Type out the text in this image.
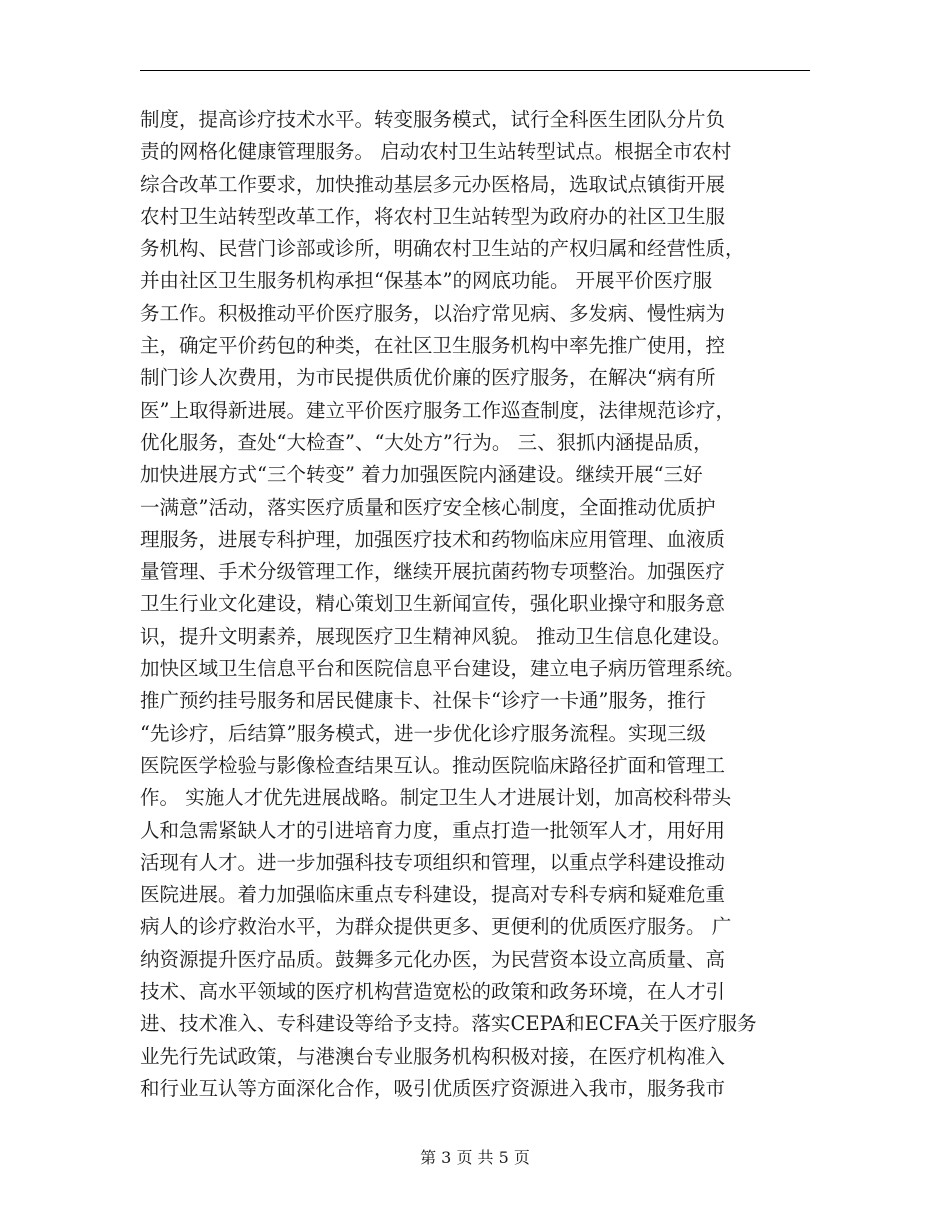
制度，提高诊疗技术水平。转变服务模式，试行全科医生团队分片负
责的网格化健康管理服务。 启动农村卫生站转型试点。根据全市农村
综合改革工作要求，加快推动基层多元办医格局，选取试点镇街开展
农村卫生站转型改革工作，将农村卫生站转型为政府办的社区卫生服
务机构、民营门诊部或诊所，明确农村卫生站的产权归属和经营性质，
并由社区卫生服务机构承担“保基本”的网底功能。 开展平价医疗服
务工作。积极推动平价医疗服务，以治疗常见病、多发病、慢性病为
主，确定平价药包的种类，在社区卫生服务机构中率先推广使用，控
制门诊人次费用，为市民提供质优价廉的医疗服务，在解决“病有所
医”上取得新进展。建立平价医疗服务工作巡查制度，法律规范诊疗，
优化服务，查处“大检查”、“大处方”行为。 三、狠抓内涵提品质，
加快进展方式“三个转变” 着力加强医院内涵建设。继续开展“三好
一满意”活动，落实医疗质量和医疗安全核心制度，全面推动优质护
理服务，进展专科护理，加强医疗技术和药物临床应用管理、血液质
量管理、手术分级管理工作，继续开展抗菌药物专项整治。加强医疗
卫生行业文化建设，精心策划卫生新闻宣传，强化职业操守和服务意
识，提升文明素养，展现医疗卫生精神风貌。 推动卫生信息化建设。
加快区域卫生信息平台和医院信息平台建设，建立电子病历管理系统。
推广预约挂号服务和居民健康卡、社保卡“诊疗一卡通”服务，推行
“先诊疗，后结算”服务模式，进一步优化诊疗服务流程。实现三级
医院医学检验与影像检查结果互认。推动医院临床路径扩面和管理工
作。 实施人才优先进展战略。制定卫生人才进展计划，加高校科带头
人和急需紧缺人才的引进培育力度，重点打造一批领军人才，用好用
活现有人才。进一步加强科技专项组织和管理，以重点学科建设推动
医院进展。着力加强临床重点专科建设，提高对专科专病和疑难危重
病人的诊疗救治水平，为群众提供更多、更便利的优质医疗服务。 广
纳资源提升医疗品质。鼓舞多元化办医，为民营资本设立高质量、高
技术、高水平领域的医疗机构营造宽松的政策和政务环境，在人才引
进、技术准入、专科建设等给予支持。落实CEPA和ECFA关于医疗服务
业先行先试政策，与港澳台专业服务机构积极对接，在医疗机构准入
和行业互认等方面深化合作，吸引优质医疗资源进入我市，服务我市
第 3 页 共 5 页
